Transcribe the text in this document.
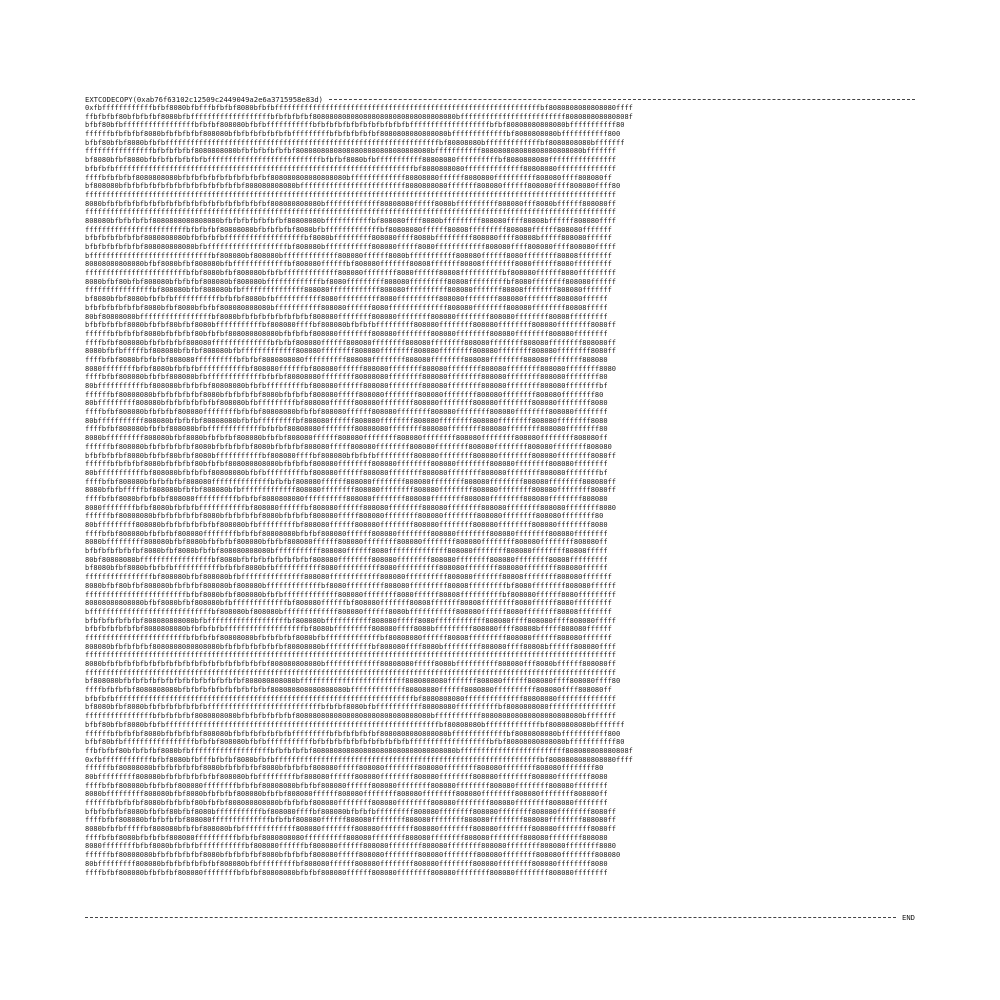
EXTCODECOPY(0xab76f63102c12509c2449049a2e6a3715958e83d)

0xfbffffffffffffbfbf8080bfbfffbfbfbf8080bfbfbfffffffffffffffffffffffffffffffffffffffffffffffffffffffffffffffbf8080808080808080ffff
ffbfbfbf80bfbfbfbf8080bfbfffffffffffffffffffbfbfbfbfbf8080808080808080808080808080808080bfffffffffffffffffffffffff808080808080808f
bfbf80bfbfffffffffffffffffbfbfbf808080bfbfbfffffffffffbfbfbfbfbfbfbfbfbfbfbfbfffffffffffffffffffbfbf80808080808080bfffffffffff80
ffffffbfbfbfbf8080bfbfbfbfbf808080bfbfbfbfbfbfbfbfffffffffbfbfbfbfbfbf8080808080808080bfffffffffffffbf8080808080bfffffffffff800
bfbf80bfbf8080bfbfbfffffffffffffffffffffffffffffffffffffffffffffffffffffffffffffffffbf80808080bfffffffffffffbf8080808080bfffffff
ffffffffffffffffbfbfbfbfbf8080808080bfbfbfbfbfbfbf80808080808080808080808080808080bfffffffffff808080808080808080808080bfffffff
bf8080bfbf8080bfbfbfbfbfbfbfbfffffffffffffffffffffffffffbfbfbf8080bfbfffffffffff80808080ffffffffffbf8080808080ffffffffffffffff
bfbfbfbfffffffffffffffffffffffffffffffffffffffffffffffffffffffffffffffffffffffbf8080808080ffffffffffffff80808080ffffffffffffff
ffffbfbfbfbf8080808080bfbfbfbfbfbfbfbfbfbfbf808080808080808080bfffffffffffff80808080ffffff8080800ffffffffff808080ffff808080ff
bf808080bfbfbfbfbfbfbfbfbfbfbfbfbfbfbf808080808080bfffffffffffffffffffffffff8080808080fffffff808080ffffff808080ffff808080ffff80
ffffffffffffffffffffffffffffffffffffffffffffffffffffffffffffffffffffffffffffffffffffffffffffffffffffffffffffffffffffffffffffff
8080bfbfbfbfbfbfbfbfbfbfbfbfbfbfbfbfbfbfbfbf808080808080bfffffffffffff80808080fffff8080bffffffffff808080fff8080bffffff808080ff
ffffffffffffffffffffffffffffffffffffffffffffffffffffffffffffffffffffffffffffffffffffffffffffffffffffffffffffffffffffffffffffff
808080bfbfbfbfbf8080808080808080bfbfbfbfbfbfbfbf80808080bfffffffffffbf808080ffff8080bfffffffff808080ffff80808bffffff808080ffff
ffffffffffffffffffffffffbfbfbfbf80808080bfbfbfbfbf8080bfbfffffffffffffbf80808080ffffff80808fffffffff808080ffffff808080fffffff
bfbfbfbfbfbfbf8080808080bfbfbfbfbfffffffffffffffffffbf8080bfffffffff808080ffff8080bfffffffff808080ffff80808bfffff808080ffffff
bfbfbfbfbfbfbf808080808080bfbfffffffffffffffffffbf808080bfffffffffff808080fffff8080ffffffffffff808080ffff808080ffff808080fffff
bfffffffffffffffffffffffffffffbf808080bf808080bfffffffffffff808080ffffff8080bfffffffffff808080ffffff8080ffffffff80808ffffffff
80808080808080bfbf8080bfbf808080bfbfffffffffffffbf808080ffffffbf808080fffffff80808fffffff80808ffffffff8080ffffff8080fffffffff
ffffffffffffffffffffffffbfbf8080bfbf808080bfbfbfffffffffffff808080ffffffff8080ffffff80808ffffffffffbf808080ffffff8080fffffffff
8080bfbf80bfbf808080bfbfbfbf808080bf808080bfffffffffffffbf8080fffffffff808080fffffffff80808fffffffffbf8080ffffffff808080ffffff
ffffffffffffffffbf808080bfbf808080bfbfffffffffffffff808080ffffffffffff808080ffffffffff808080fffffff80808ffffffff808080fffffff
bf8080bfbf8080bfbfbfbfffffffffffbfbfbf8080bfbfffffffffff8080ffffffffff8080ffffffffff808080ffffffff808080ffffffff808080ffffff
bfbfbfbfbfbfbf8080bfbf8080bfbfbf808080808080bfffffffffff808080ffffff8080ffffffffffffff808080ffffffff808080ffffffff80808fffff
80bf80808080bfffffffffffffffffbf8080bfbfbfbfbfbfbfbfbf808080ffffffff808080ffffffff808080ffffffff808080ffffffff80808fffffffff
bfbfbfbfbf8080bfbfbf80bfbf8080bfffffffffffbf808080ffffbf808080bfbfbfbfffffffff808080ffffffff808080ffffffff808080ffffffff8080ff
ffffffbfbfbfbf8080bfbfbfbf80bfbfbf808080808080bfbfbfbf808080ffffffff808080ffffffff808080ffffffff808080ffffffff808080ffffffff
ffffbfbf808080bfbfbfbfbf808080ffffffffffffffbfbfbf808080ffffff808080ffffffff808080ffffffff808080ffffffff808080ffffffff808080ff
8080bfbfbfffffbf808080bfbfbf808080bfbfffffffffffff808080ffffffff808080ffffffff808080ffffffff808080ffffffff808080ffffffff8080ff
ffffbfbf8080bfbfbfbf808080ffffffffffbfbfbf8080808080ffffffffff808080ffffffff808080ffffffff808080ffffffff808080ffffffff808080
8080ffffffffbfbf8080bfbfbfbfffffffffffbf808080ffffffbf808080ffffff808080ffffffff808080ffffffff808080ffffffff808080ffffffff8080
ffffbfbf808080bfbfbf808080bfbfffffffffffffbfbfbf80808080ffffffff80808080ffffffff808080ffffffff808080ffffffff808080ffffffff80
80bfffffffffffbf808080bfbfbfbf80808080bfbfbfffffffffbf808080ffffff808080ffffffff808080ffffffff808080ffffffff808080ffffffffbf
ffffffbf80808080bfbfbfbfbfbf8080bfbfbfbfbf8080bfbfbfbf808080fffff808080ffffffff808080ffffffff808080ffffffff808080ffffffff80
80bfffffffff808080bfbfbfbfbfbfbf808080bfbfffffffffbf808080ffffff808080ffffffff808080ffffffff808080ffffffff808080ffffffff8080
ffffbfbf808080bfbfbfbf808080ffffffffbfbfbf80808080bfbfbf808080ffffff808080ffffffff808080ffffffff808080ffffffff808080ffffffff
80bfffffffffff808080bfbfbfbf80808080bfbfbfffffffffbf808080ffffff808080ffffffff808080ffffffff808080ffffffff808080ffffffff8080
ffffbfbf808080bfbfbf808080bfbfffffffffffffbfbfbf80808080ffffffff80808080ffffffff808080ffffffff808080ffffffff808080ffffffff80
8080bfffffffff808080bfbf8080bfbfbfbf808080bfbfbf808080ffffff808080ffffffff808080ffffffff808080ffffffff808080ffffffff808080ff
ffffffbf808080bfbfbfbfbfbf8080bfbfbfbfbf8080bfbfbfbf808080fffff808080ffffffff808080ffffffff808080ffffffff808080ffffffff808080
bfbfbfbfbf8080bfbfbf80bfbf8080bfffffffffffbf808080ffffbf808080bfbfbfbfffffffff808080ffffffff808080ffffffff808080ffffffff8080ff
ffffffbfbfbfbf8080bfbfbfbf80bfbfbf808080808080bfbfbfbf808080ffffffff808080ffffffff808080ffffffff808080ffffffff808080ffffffff
80bfffffffffffbf808080bfbfbfbf80808080bfbfbfffffffffbf808080ffffff808080ffffffff808080ffffffff808080ffffffff808080ffffffffbf
ffffbfbf808080bfbfbfbfbf808080ffffffffffffffbfbfbf808080ffffff808080ffffffff808080ffffffff808080ffffffff808080ffffffff808080ff
8080bfbfbfffffbf808080bfbfbf808080bfbfffffffffffff808080ffffffff808080ffffffff808080ffffffff808080ffffffff808080ffffffff8080ff
ffffbfbf8080bfbfbfbf808080ffffffffffbfbfbf8080808080ffffffffff808080ffffffff808080ffffffff808080ffffffff808080ffffffff808080
8080ffffffffbfbf8080bfbfbfbfffffffffffbf808080ffffffbf808080ffffff808080ffffffff808080ffffffff808080ffffffff808080ffffffff8080
ffffffbf80808080bfbfbfbfbfbf8080bfbfbfbfbf8080bfbfbfbf808080fffff808080ffffffff808080ffffffff808080ffffffff808080ffffffff80
80bfffffffff808080bfbfbfbfbfbfbf808080bfbfffffffffbf808080ffffff808080ffffffff808080ffffffff808080ffffffff808080ffffffff8080
ffffbfbf808080bfbfbfbf808080ffffffffbfbfbf80808080bfbfbf808080ffffff808080ffffffff808080ffffffff808080ffffffff808080ffffffff
8080bfffffffff808080bfbf8080bfbfbfbf808080bfbfbf808080ffffff808080ffffffff808080ffffffff808080ffffffff808080ffffffff808080ff
bfbfbfbfbfbfbf8080bfbf8080bfbfbf808080808080bfffffffffff808080ffffff8080ffffffffffffff808080ffffffff808080ffffffff80808fffff
80bf80808080bfffffffffffffffffbf8080bfbfbfbfbfbfbfbfbf808080ffffffff808080ffffffff808080ffffffff808080ffffffff80808fffffffff
bf8080bfbf8080bfbfbfbfffffffffffbfbfbf8080bfbfffffffffff8080ffffffffff8080ffffffffff808080ffffffff808080ffffffff808080ffffff
ffffffffffffffffbf808080bfbf808080bfbfffffffffffffff808080ffffffffffff808080ffffffffff808080fffffff80808ffffffff808080fffffff
8080bfbf80bfbf808080bfbfbfbf808080bf808080bfffffffffffffbf8080fffffffff808080fffffffff80808fffffffffbf8080ffffffff808080ffffff
ffffffffffffffffffffffffbfbf8080bfbf808080bfbfbfffffffffffff808080ffffffff8080ffffff80808ffffffffffbf808080ffffff8080fffffffff
80808080808080bfbf8080bfbf808080bfbfffffffffffffbf808080ffffffbf808080fffffff80808fffffff80808ffffffff8080ffffff8080fffffffff
bfffffffffffffffffffffffffffffbf808080bf808080bfffffffffffff808080ffffff8080bfffffffffff808080ffffff8080ffffffff80808ffffffff
bfbfbfbfbfbfbf808080808080bfbfffffffffffffffffffbf808080bfffffffffff808080fffff8080ffffffffffff808080ffff808080ffff808080fffff
bfbfbfbfbfbfbf8080808080bfbfbfbfbfffffffffffffffffffbf8080bfffffffff808080ffff8080bfffffffff808080ffff80808bfffff808080ffffff
ffffffffffffffffffffffffbfbfbfbf80808080bfbfbfbfbf8080bfbfffffffffffffbf80808080ffffff80808fffffffff808080ffffff808080fffffff
808080bfbfbfbfbf8080808080808080bfbfbfbfbfbfbfbf80808080bfffffffffffbf808080ffff8080bfffffffff808080ffff80808bffffff808080ffff
ffffffffffffffffffffffffffffffffffffffffffffffffffffffffffffffffffffffffffffffffffffffffffffffffffffffffffffffffffffffffffffff
8080bfbfbfbfbfbfbfbfbfbfbfbfbfbfbfbfbfbfbfbf808080808080bfffffffffffff80808080fffff8080bffffffffff808080fff8080bffffff808080ff
ffffffffffffffffffffffffffffffffffffffffffffffffffffffffffffffffffffffffffffffffffffffffffffffffffffffffffffffffffffffffffffff
bf808080bfbfbfbfbfbfbfbfbfbfbfbfbfbfbf808080808080bfffffffffffffffffffffffff8080808080fffffff808080ffffff808080ffff808080ffff80
ffffbfbfbfbf8080808080bfbfbfbfbfbfbfbfbfbfbf808080808080808080bfffffffffffff80808080ffffff8080800ffffffffff808080ffff808080ff
bfbfbfbfffffffffffffffffffffffffffffffffffffffffffffffffffffffffffffffffffffffbf8080808080ffffffffffffff80808080ffffffffffffff
bf8080bfbf8080bfbfbfbfbfbfbfbfffffffffffffffffffffffffffbfbfbf8080bfbfffffffffff80808080ffffffffffbf8080808080ffffffffffffffff
ffffffffffffffffbfbfbfbfbf8080808080bfbfbfbfbfbfbf80808080808080808080808080808080bfffffffffff808080808080808080808080bfffffff
bfbf80bfbf8080bfbfbfffffffffffffffffffffffffffffffffffffffffffffffffffffffffffffffffbf80808080bfffffffffffffbf8080808080bfffffff
ffffffbfbfbfbf8080bfbfbfbfbf808080bfbfbfbfbfbfbfbfffffffffbfbfbfbfbfbf8080808080808080bfffffffffffffbf8080808080bfffffffffff800
bfbf80bfbfffffffffffffffffbfbfbf808080bfbfbfffffffffffbfbfbfbfbfbfbfbfbfbfbfbfffffffffffffffffffbfbf80808080808080bfffffffffff80
ffbfbfbf80bfbfbfbf8080bfbfffffffffffffffffffbfbfbfbfbf8080808080808080808080808080808080bfffffffffffffffffffffffff808080808080808f
0xfbffffffffffffbfbf8080bfbfffbfbfbf8080bfbfbfffffffffffffffffffffffffffffffffffffffffffffffffffffffffffffffbf8080808080808080ffff
ffffffbf80808080bfbfbfbfbfbf8080bfbfbfbfbf8080bfbfbfbf808080fffff808080ffffffff808080ffffffff808080ffffffff808080ffffffff80
80bfffffffff808080bfbfbfbfbfbfbf808080bfbfffffffffbf808080ffffff808080ffffffff808080ffffffff808080ffffffff808080ffffffff8080
ffffbfbf808080bfbfbfbf808080ffffffffbfbfbf80808080bfbfbf808080ffffff808080ffffffff808080ffffffff808080ffffffff808080ffffffff
8080bfffffffff808080bfbf8080bfbfbfbf808080bfbfbf808080ffffff808080ffffffff808080ffffffff808080ffffffff808080ffffffff808080ff
ffffffbfbfbfbf8080bfbfbfbf80bfbfbf808080808080bfbfbfbf808080ffffffff808080ffffffff808080ffffffff808080ffffffff808080ffffffff
bfbfbfbfbf8080bfbfbf80bfbf8080bfffffffffffbf808080ffffbf808080bfbfbfbfffffffff808080ffffffff808080ffffffff808080ffffffff8080ff
ffffbfbf808080bfbfbfbfbf808080ffffffffffffffbfbfbf808080ffffff808080ffffffff808080ffffffff808080ffffffff808080ffffffff808080ff
8080bfbfbfffffbf808080bfbfbf808080bfbfffffffffffff808080ffffffff808080ffffffff808080ffffffff808080ffffffff808080ffffffff8080ff
ffffbfbf8080bfbfbfbf808080ffffffffffbfbfbf8080808080ffffffffff808080ffffffff808080ffffffff808080ffffffff808080ffffffff808080
8080ffffffffbfbf8080bfbfbfbfffffffffffbf808080ffffffbf808080ffffff808080ffffffff808080ffffffff808080ffffffff808080ffffffff8080
ffffffbf80808080bfbfbfbfbfbf8080bfbfbfbfbf8080bfbfbfbf808080fffff808080ffffffff808080ffffffff808080ffffffff808080ffffffff808080
80bfffffffff808080bfbfbfbfbfbfbf808080bfbfffffffffbf808080ffffff808080ffffffff808080ffffffff808080ffffffff808080ffffffff8080
ffffbfbf808080bfbfbfbf808080ffffffffbfbfbf80808080bfbfbf808080ffffff808080ffffffff808080ffffffff808080ffffffff808080ffffffff
END
